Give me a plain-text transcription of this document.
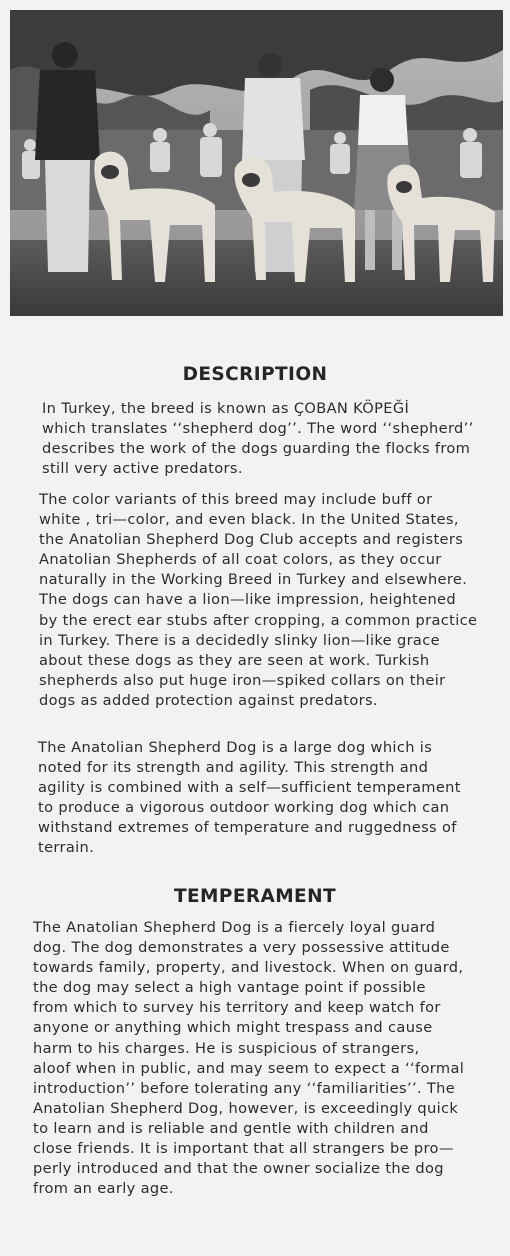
DESCRIPTION

In Turkey, the breed is known as ÇOBAN KÖPEĞİ
which translates ‘‘shepherd dog’’. The word ‘‘shepherd’’
describes the work of the dogs guarding the flocks from
still very active predators.

The color variants of this breed may include buff or
white , tri—color, and even black. In the United States,
the Anatolian Shepherd Dog Club accepts and registers
Anatolian Shepherds of all coat colors, as they occur
naturally in the Working Breed in Turkey and elsewhere.
The dogs can have a lion—like impression, heightened
by the erect ear stubs after cropping, a common practice
in Turkey. There is a decidedly slinky lion—like grace
about these dogs as they are seen at work. Turkish
shepherds also put huge iron—spiked collars on their
dogs as added protection against predators.

The Anatolian Shepherd Dog is a large dog which is
noted for its strength and agility. This strength and
agility is combined with a self—sufficient temperament
to produce a vigorous outdoor working dog which can
withstand extremes of temperature and ruggedness of
terrain.

TEMPERAMENT

The Anatolian Shepherd Dog is a fiercely loyal guard
dog. The dog demonstrates a very possessive attitude
towards family, property, and livestock. When on guard,
the dog may select a high vantage point if possible
from which to survey his territory and keep watch for
anyone or anything which might trespass and cause
harm to his charges. He is suspicious of strangers,
aloof when in public, and may seem to expect a ‘‘formal
introduction’’ before tolerating any ‘‘familiarities’’. The
Anatolian Shepherd Dog, however, is exceedingly quick
to learn and is reliable and gentle with children and
close friends. It is important that all strangers be pro—
perly introduced and that the owner socialize the dog
from an early age.
